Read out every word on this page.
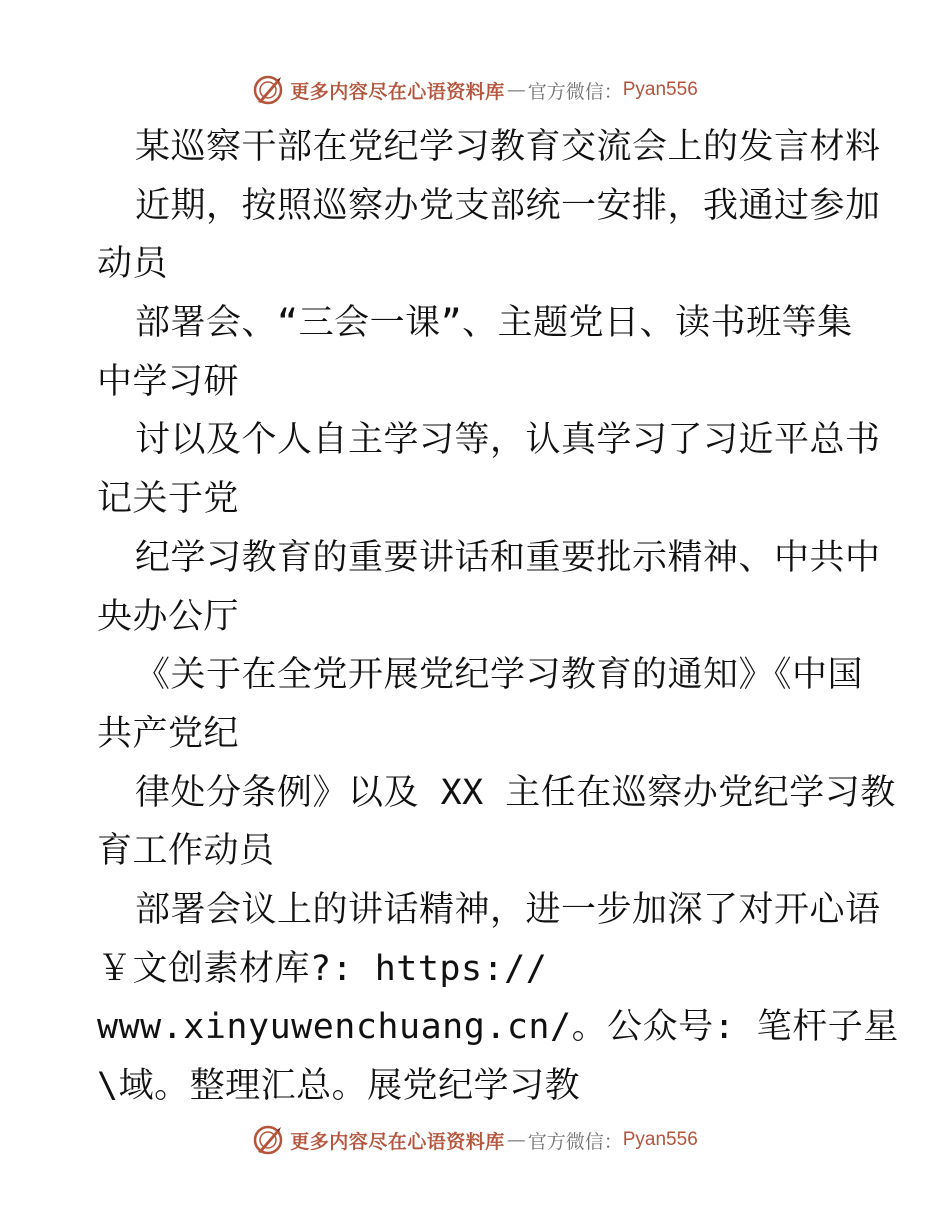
更多内容尽在心语资料库 — 官方微信： Pyan556
某巡察干部在党纪学习教育交流会上的发言材料
近期，按照巡察办党支部统一安排，我通过参加
动员
部署会、“三会一课”、主题党日、读书班等集
中学习研
讨以及个人自主学习等，认真学习了习近平总书
记关于党
纪学习教育的重要讲话和重要批示精神、中共中
央办公厅
《关于在全党开展党纪学习教育的通知》《中国
共产党纪
律处分条例》以及 XX 主任在巡察办党纪学习教
育工作动员
部署会议上的讲话精神，进一步加深了对开心语
￥文创素材库?: https://
www.xinyuwenchuang.cn/。公众号: 笔杆子星
\域。整理汇总。展党纪学习教
更多内容尽在心语资料库 — 官方微信： Pyan556
